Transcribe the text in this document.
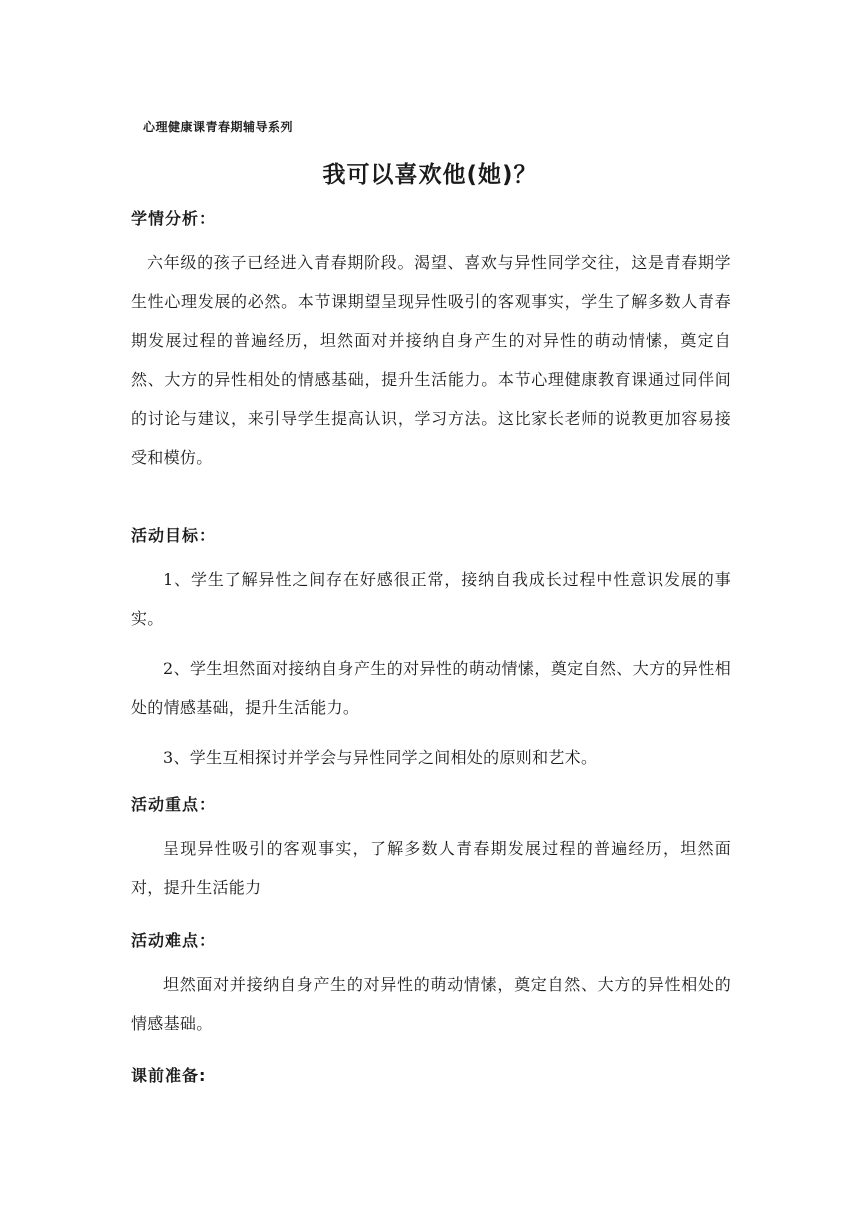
心理健康课青春期辅导系列
我可以喜欢他(她)？
学情分析：
六年级的孩子已经进入青春期阶段。渴望、喜欢与异性同学交往，这是青春期学生性心理发展的必然。本节课期望呈现异性吸引的客观事实，学生了解多数人青春期发展过程的普遍经历，坦然面对并接纳自身产生的对异性的萌动情愫，奠定自然、大方的异性相处的情感基础，提升生活能力。本节心理健康教育课通过同伴间的讨论与建议，来引导学生提高认识，学习方法。这比家长老师的说教更加容易接受和模仿。
活动目标：
1、学生了解异性之间存在好感很正常，接纳自我成长过程中性意识发展的事实。
2、学生坦然面对接纳自身产生的对异性的萌动情愫，奠定自然、大方的异性相处的情感基础，提升生活能力。
3、学生互相探讨并学会与异性同学之间相处的原则和艺术。
活动重点：
呈现异性吸引的客观事实，了解多数人青春期发展过程的普遍经历，坦然面对，提升生活能力
活动难点：
坦然面对并接纳自身产生的对异性的萌动情愫，奠定自然、大方的异性相处的情感基础。
课前准备:
